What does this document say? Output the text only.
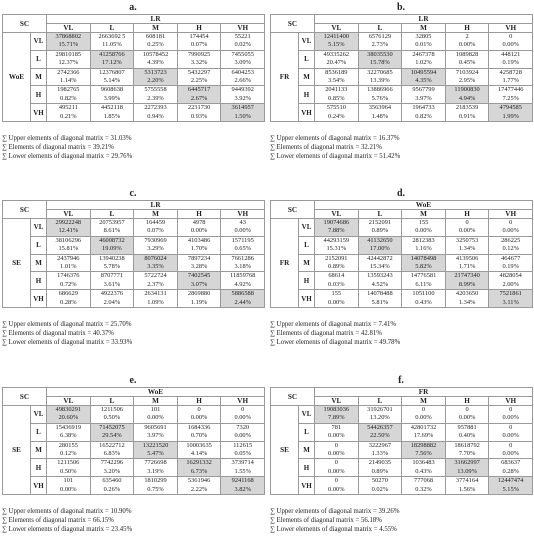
a.
SC		LR				
		VL	L	M	H	VH
WoE	VL	37868802	2663692 5	608181	174454	55221
		15.71%	11.05%	0.25%	0.07%	0.02%
	L	29810185	41258766	10578452	7990925	7455055
		12.37%	17.12%	4.39%	3.32%	3.09%
	M	2742366	12376807	5313723	5432297	6404253
		1.14%	5.14%	2.20%	2.25%	2.66%
	H	1982765	9608638	5755558	6445717	9449392
		0.82%	3.99%	2.39%	2.67%	3.92%
	VH	495211	4452118	2272393	2231730	3614957
		0.21%	1.85%	0.94%	0.93%	1.50%
∑ Upper elements of diagonal matrix = 31.03%
∑ Elements of diagonal matrix = 39.21%
∑ Lower elements of diagonal matrix = 29.76%
b.
SC		LR				
		VL	L	M	H	VH
FR	VL	12411400	6576129	32805	2	0
		5.15%	2.73%	0.01%	0.00%	0.00%
	L	49335262	38035530	2467378	1089828	448121
		20.47%	15.78%	1.02%	0.45%	0.19%
	M	8536189	32270685	10495594	7103924	4258728
		3.54%	13.39%	4.35%	2.95%	1.77%
	H	2041133	13886966	9567799	11900830	17477446
		0.85%	5.76%	3.97%	4.94%	7.25%
	VH	575510	3563964	1964733	2183539	4794585
		0.24%	1.48%	0.82%	0.91%	1.99%
∑ Upper elements of diagonal matrix = 16.37%
∑ Elements of diagonal matrix = 32.21%
∑ Lower elements of diagonal matrix = 51.42%
c.
SC		LR				
		VL	L	M	H	VH
SE	VL	29922248	20753957	164459	4978	43
		12.41%	8.61%	0.07%	0.00%	0.00%
	L	38106296	46008732	7930969	4103486	1571195
		15.81%	19.09%	3.29%	1.70%	0.65%
	M	2437946	13940238	8076024	7897234	7661286
		1.01%	5.78%	3.35%	3.28%	3.18%
	H	1746376	8707771	5722724	7402545	11859768
		0.72%	3.61%	2.37%	3.07%	4.92%
	VH	686629	4922376	2634131	2869880	5886588
		0.28%	2.04%	1.09%	1.19%	2.44%
∑ Upper elements of diagonal matrix = 25.70%
∑ Elements of diagonal matrix = 40.37%
∑ Lower elements of diagonal matrix = 33.93%
d.
SC		WoE				
		VL	L	M	H	VH
FR	VL	19074686	2152091	155	0	0
		7.88%	0.89%	0.00%	0.00%	0.00%
	L	44293159	41132650	2812383	3250753	286225
		15.31%	17.00%	1.16%	1.34%	0.12%
	M	2152091	42442872	14078498	4139506	464677
		0.89%	15.34%	5.82%	1.71%	0.19%
	H	68614	13593243	14776581	21747340	4828054
		0.03%	4.52%	6.11%	8.99%	2.00%
	VH	155	14078488	1051100	4203650	7521861
		0.00%	5.81%	0.43%	1.34%	3.11%
∑ Upper elements of diagonal matrix = 7.41%
∑ Elements of diagonal matrix = 42.81%
∑ Lower elements of diagonal matrix = 49.78%
e.
SC		WoE				
		VL	L	M	H	VH
SE	VL	49830291	1211506	101	0	0
		20.60%	0.50%	0.00%	0.00%	0.00%
	L	15436919	71452075	9605691	1684336	7320
		6.38%	29.54%	3.97%	0.70%	0.00%
	M	280155	16522712	13221520	10003635	112615
		0.12%	6.83%	5.47%	4.14%	0.05%
	H	1211506	7742296	7726698	16291332	3739714
		0.50%	3.20%	3.19%	6.73%	1.55%
	VH	101	635460	1810299	5361946	9241168
		0.00%	0.26%	0.75%	2.22%	3.82%
∑ Upper elements of diagonal matrix = 10.90%
∑ Elements of diagonal matrix = 66.15%
∑ Lower elements of diagonal matrix = 23.45%
f.
SC		FR				
		VL	L	M	H	VH
SE	VL	19083036	31926701	0	0	0
		7.89%	13.20%	0.00%	0.00%	0.00%
	L	781	54426357	42801732	957881	0
		0.00%	22.50%	17.69%	0.40%	0.00%
	M	0	3222967	18298882	18618792	0
		0.00%	1.33%	7.56%	7.70%	0.00%
	H	0	2149035	1036483	31662997	683637
		0.00%	0.89%	0.43%	13.09%	0.28%
	VH	0	50270	777068	3774164	12447474
		0.00%	0.02%	0.32%	1.56%	5.15%
∑ Upper elements of diagonal matrix = 39.26%
∑ Elements of diagonal matrix = 56.18%
∑ Lower elements of diagonal matrix = 4.55%
